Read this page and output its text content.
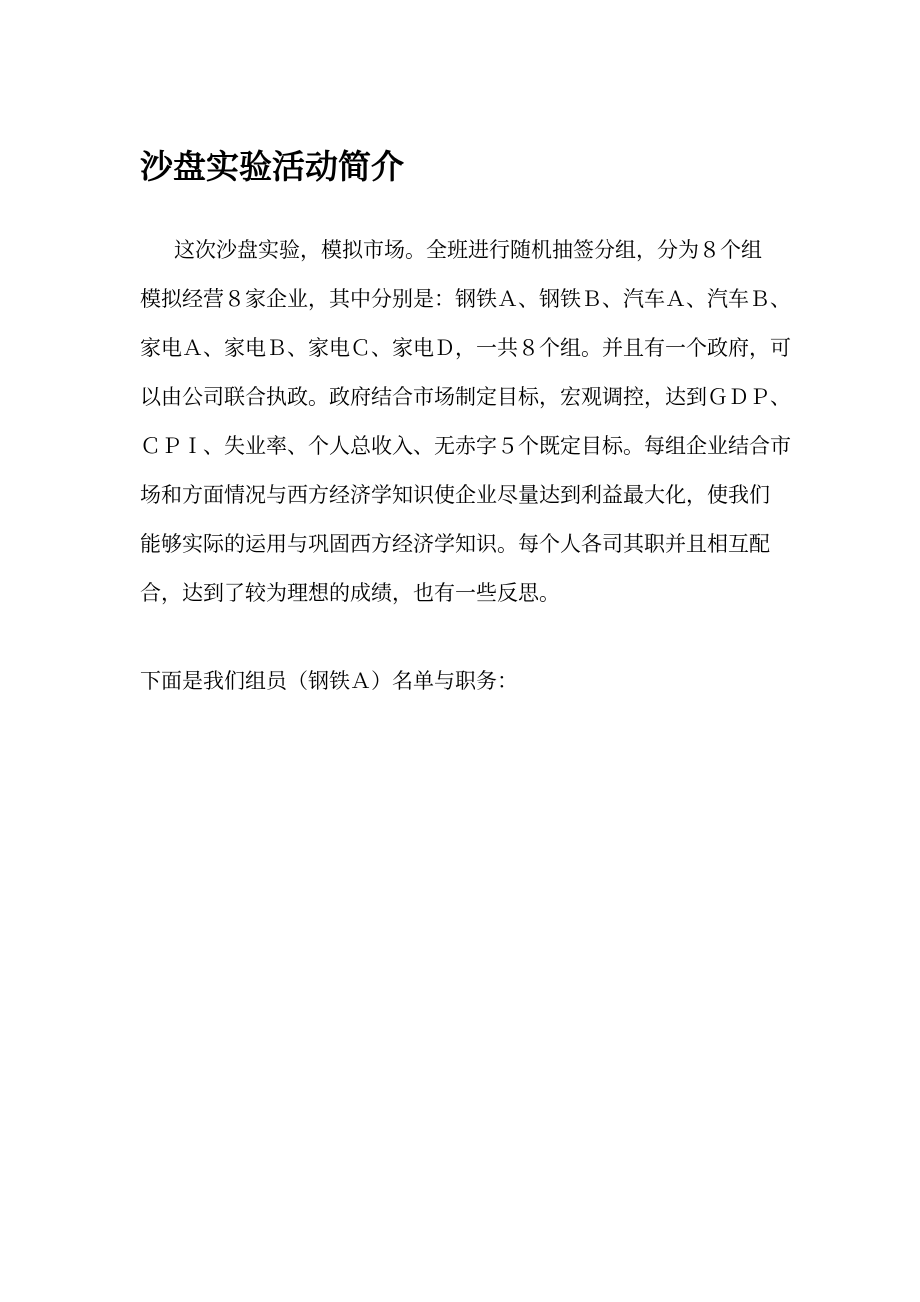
沙盘实验活动简介
这次沙盘实验，模拟市场。全班进行随机抽签分组，分为８个组
模拟经营８家企业，其中分别是：钢铁Ａ、钢铁Ｂ、汽车Ａ、汽车Ｂ、
家电Ａ、家电Ｂ、家电Ｃ、家电Ｄ，一共８个组。并且有一个政府，可
以由公司联合执政。政府结合市场制定目标，宏观调控，达到ＧＤＰ、
ＣＰＩ、失业率、个人总收入、无赤字５个既定目标。每组企业结合市
场和方面情况与西方经济学知识使企业尽量达到利益最大化，使我们
能够实际的运用与巩固西方经济学知识。每个人各司其职并且相互配
合，达到了较为理想的成绩，也有一些反思。

下面是我们组员（钢铁Ａ）名单与职务：
